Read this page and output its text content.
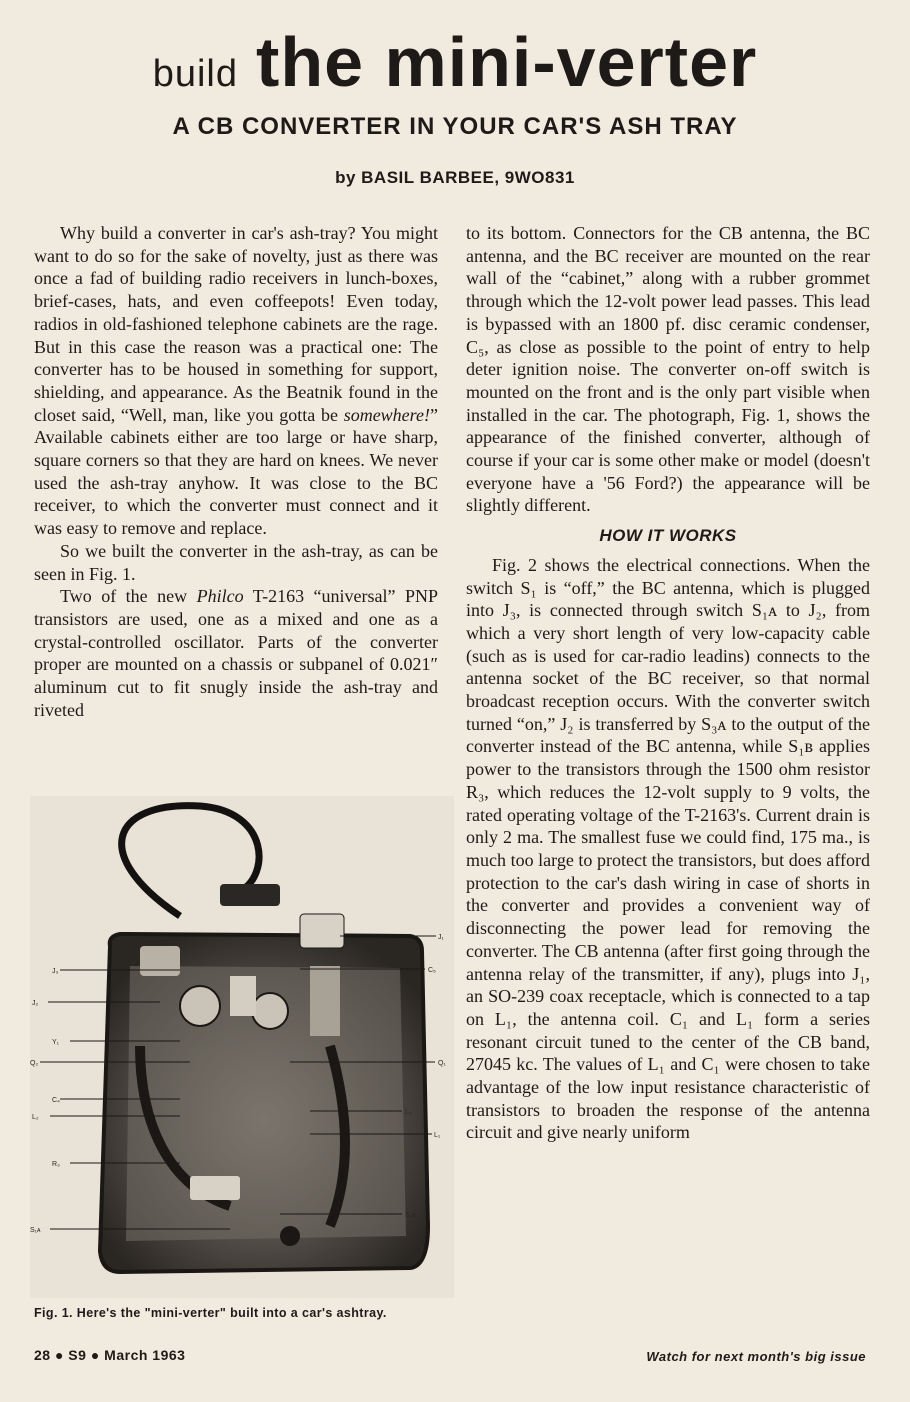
build the mini-verter
A CB CONVERTER IN YOUR CAR'S ASH TRAY
by BASIL BARBEE, 9WO831

Why build a converter in car's ash-tray? You might want to do so for the sake of novelty, just as there was once a fad of building radio receivers in lunch-boxes, brief-cases, hats, and even coffeepots! Even today, radios in old-fashioned telephone cabinets are the rage. But in this case the reason was a practical one: The converter has to be housed in something for support, shielding, and appearance. As the Beatnik found in the closet said, “Well, man, like you gotta be somewhere!” Available cabinets either are too large or have sharp, square corners so that they are hard on knees. We never used the ash-tray anyhow. It was close to the BC receiver, to which the converter must connect and it was easy to remove and replace.

So we built the converter in the ash-tray, as can be seen in Fig. 1.

Two of the new Philco T-2163 “universal” PNP transistors are used, one as a mixed and one as a crystal-controlled oscillator. Parts of the converter proper are mounted on a chassis or subpanel of 0.021″ aluminum cut to fit snugly inside the ash-tray and riveted

J₃
J₂
Y₁
Q₂
C₄
L₂
R₃
S₁ᴀ
J₁
C₅
Q₁
L₃
L₁
S₁ʙ
Fig. 1. Here's the "mini-verter" built into a car's ashtray.

to its bottom. Connectors for the CB antenna, the BC antenna, and the BC receiver are mounted on the rear wall of the “cabinet,” along with a rubber grommet through which the 12-volt power lead passes. This lead is bypassed with an 1800 pf. disc ceramic condenser, C₅, as close as possible to the point of entry to help deter ignition noise. The converter on-off switch is mounted on the front and is the only part visible when installed in the car. The photograph, Fig. 1, shows the appearance of the finished converter, although of course if your car is some other make or model (doesn't everyone have a '56 Ford?) the appearance will be slightly different.

HOW IT WORKS

Fig. 2 shows the electrical connections. When the switch S₁ is “off,” the BC antenna, which is plugged into J₃, is connected through switch S₁ᴀ to J₂, from which a very short length of very low-capacity cable (such as is used for car-radio leadins) connects to the antenna socket of the BC receiver, so that normal broadcast reception occurs. With the converter switch turned “on,” J₂ is transferred by S₃ᴀ to the output of the converter instead of the BC antenna, while S₁ʙ applies power to the transistors through the 1500 ohm resistor R₃, which reduces the 12-volt supply to 9 volts, the rated operating voltage of the T-2163's. Current drain is only 2 ma. The smallest fuse we could find, 175 ma., is much too large to protect the transistors, but does afford protection to the car's dash wiring in case of shorts in the converter and provides a convenient way of disconnecting the power lead for removing the converter. The CB antenna (after first going through the antenna relay of the transmitter, if any), plugs into J₁, an SO-239 coax receptacle, which is connected to a tap on L₁, the antenna coil. C₁ and L₁ form a series resonant circuit tuned to the center of the CB band, 27045 kc. The values of L₁ and C₁ were chosen to take advantage of the low input resistance characteristic of transistors to broaden the response of the antenna circuit and give nearly uniform

28 ● S9 ● March 1963	Watch for next month's big issue
